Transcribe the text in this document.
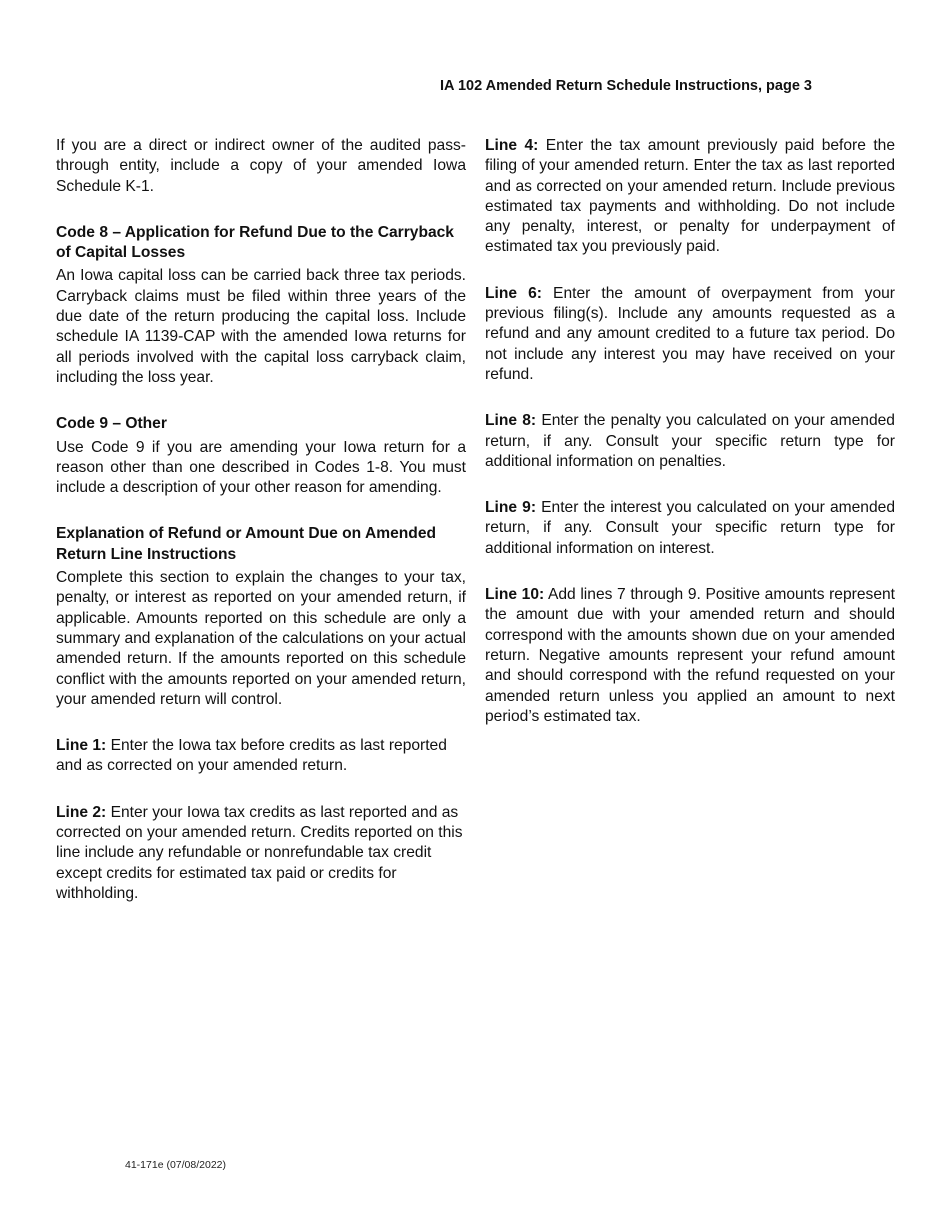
IA 102 Amended Return Schedule Instructions, page 3

If you are a direct or indirect owner of the audited pass-through entity, include a copy of your amended Iowa Schedule K-1.

Code 8 – Application for Refund Due to the Carryback of Capital Losses

An Iowa capital loss can be carried back three tax periods. Carryback claims must be filed within three years of the due date of the return producing the capital loss. Include schedule IA 1139-CAP with the amended Iowa returns for all periods involved with the capital loss carryback claim, including the loss year.

Code 9 – Other

Use Code 9 if you are amending your Iowa return for a reason other than one described in Codes 1-8. You must include a description of your other reason for amending.

Explanation of Refund or Amount Due on Amended Return Line Instructions

Complete this section to explain the changes to your tax, penalty, or interest as reported on your amended return, if applicable. Amounts reported on this schedule are only a summary and explanation of the calculations on your actual amended return. If the amounts reported on this schedule conflict with the amounts reported on your amended return, your amended return will control.

Line 1: Enter the Iowa tax before credits as last reported and as corrected on your amended return.

Line 2: Enter your Iowa tax credits as last reported and as corrected on your amended return. Credits reported on this line include any refundable or nonrefundable tax credit except credits for estimated tax paid or credits for withholding.

Line 4: Enter the tax amount previously paid before the filing of your amended return. Enter the tax as last reported and as corrected on your amended return. Include previous estimated tax payments and withholding. Do not include any penalty, interest, or penalty for underpayment of estimated tax you previously paid.

Line 6: Enter the amount of overpayment from your previous filing(s). Include any amounts requested as a refund and any amount credited to a future tax period. Do not include any interest you may have received on your refund.

Line 8: Enter the penalty you calculated on your amended return, if any. Consult your specific return type for additional information on penalties.

Line 9: Enter the interest you calculated on your amended return, if any. Consult your specific return type for additional information on interest.

Line 10: Add lines 7 through 9. Positive amounts represent the amount due with your amended return and should correspond with the amounts shown due on your amended return. Negative amounts represent your refund amount and should correspond with the refund requested on your amended return unless you applied an amount to next period’s estimated tax.

41-171e (07/08/2022)
